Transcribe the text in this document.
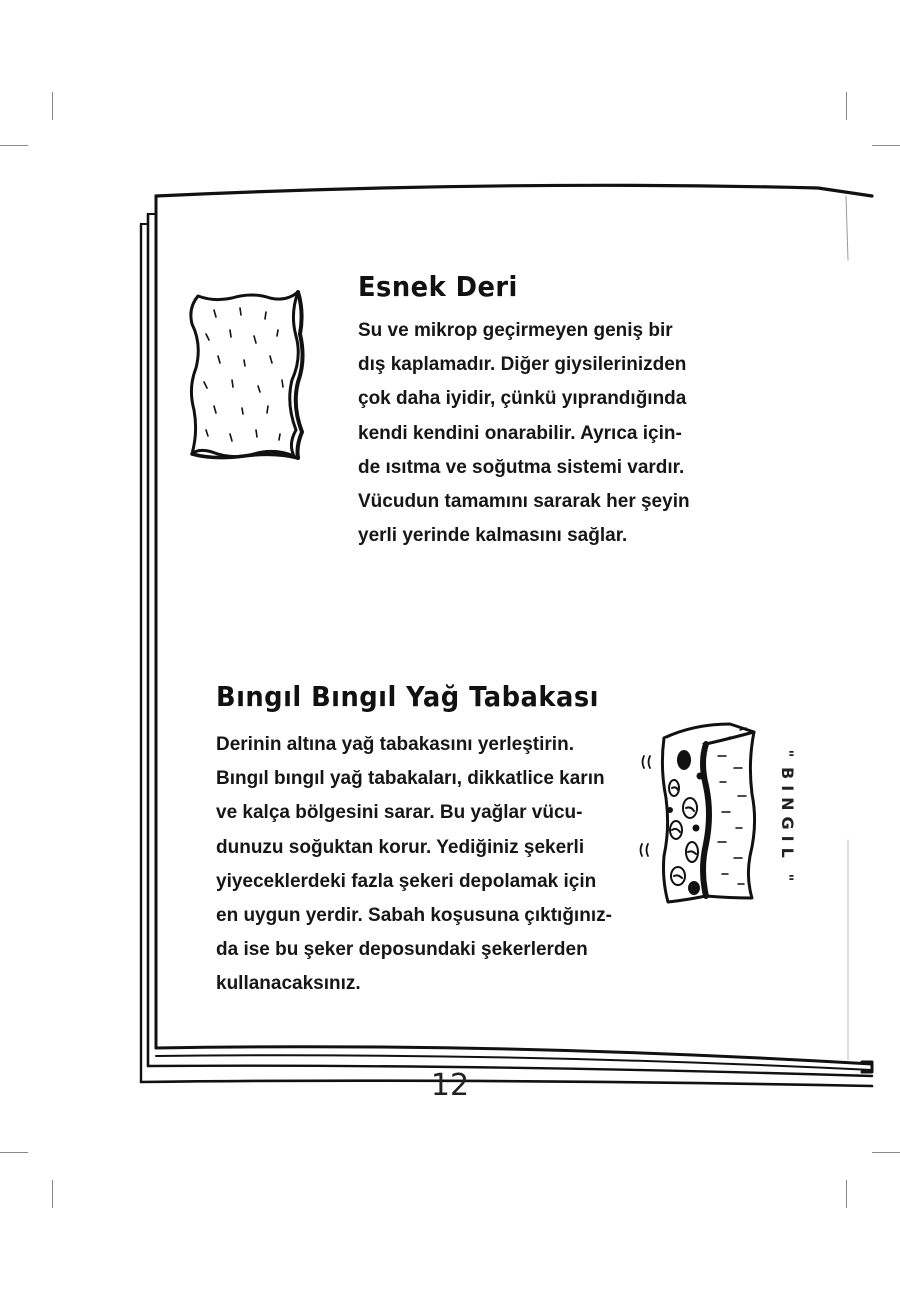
Esnek Deri
Su ve mikrop geçirmeyen geniş bir
dış kaplamadır. Diğer giysilerinizden
çok daha iyidir, çünkü yıprandığında
kendi kendini onarabilir. Ayrıca için-
de ısıtma ve soğutma sistemi vardır.
Vücudun tamamını sararak her şeyin
yerli yerinde kalmasını sağlar.
Bıngıl Bıngıl Yağ Tabakası
Derinin altına yağ tabakasını yerleştirin.
Bıngıl bıngıl yağ tabakaları, dikkatlice karın
ve kalça bölgesini sarar. Bu yağlar vücu-
dunuzu soğuktan korur. Yediğiniz şekerli
yiyeceklerdeki fazla şekeri depolamak için
en uygun yerdir. Sabah koşusuna çıktığınız-
da ise bu şeker deposundaki şekerlerden
kullanacaksınız.
"
BINGIL
"
12
